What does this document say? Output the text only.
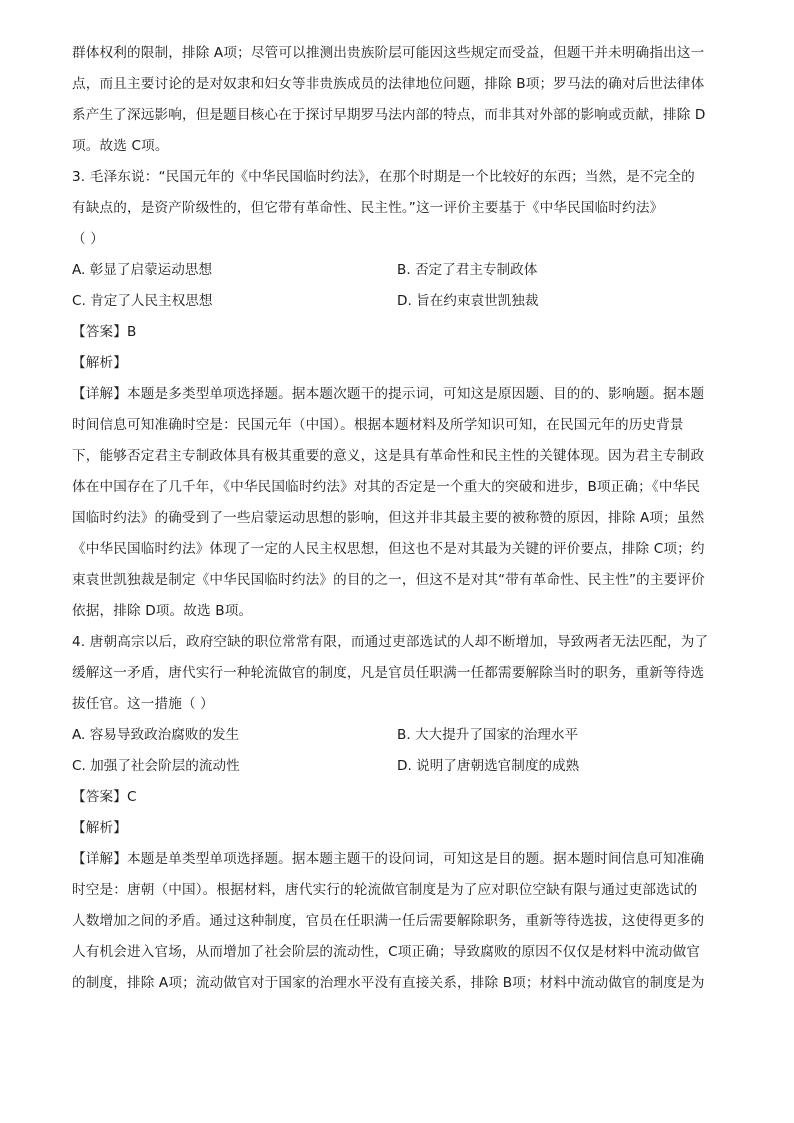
群体权利的限制，排除 A项；尽管可以推测出贵族阶层可能因这些规定而受益，但题干并未明确指出这一
点，而且主要讨论的是对奴隶和妇女等非贵族成员的法律地位问题，排除 B项；罗马法的确对后世法律体
系产生了深远影响，但是题目核心在于探讨早期罗马法内部的特点，而非其对外部的影响或贡献，排除 D
项。故选 C项。
3. 毛泽东说：“民国元年的《中华民国临时约法》，在那个时期是一个比较好的东西；当然，是不完全的
有缺点的，是资产阶级性的，但它带有革命性、民主性。”这一评价主要基于《中华民国临时约法》
（ ）
A. 彰显了启蒙运动思想	B. 否定了君主专制政体
C. 肯定了人民主权思想	D. 旨在约束袁世凯独裁
【答案】B
【解析】
【详解】本题是多类型单项选择题。据本题次题干的提示词，可知这是原因题、目的的、影响题。据本题
时间信息可知准确时空是：民国元年（中国）。根据本题材料及所学知识可知，在民国元年的历史背景
下，能够否定君主专制政体具有极其重要的意义，这是具有革命性和民主性的关键体现。因为君主专制政
体在中国存在了几千年，《中华民国临时约法》对其的否定是一个重大的突破和进步，B项正确；《中华民
国临时约法》的确受到了一些启蒙运动思想的影响，但这并非其最主要的被称赞的原因，排除 A项；虽然
《中华民国临时约法》体现了一定的人民主权思想，但这也不是对其最为关键的评价要点，排除 C项；约
束袁世凯独裁是制定《中华民国临时约法》的目的之一，但这不是对其“带有革命性、民主性”的主要评价
依据，排除 D项。故选 B项。
4. 唐朝高宗以后，政府空缺的职位常常有限，而通过吏部选试的人却不断增加，导致两者无法匹配，为了
缓解这一矛盾，唐代实行一种轮流做官的制度，凡是官员任职满一任都需要解除当时的职务，重新等待选
拔任官。这一措施（ ）
A. 容易导致政治腐败的发生	B. 大大提升了国家的治理水平
C. 加强了社会阶层的流动性	D. 说明了唐朝选官制度的成熟
【答案】C
【解析】
【详解】本题是单类型单项选择题。据本题主题干的设问词，可知这是目的题。据本题时间信息可知准确
时空是：唐朝（中国）。根据材料，唐代实行的轮流做官制度是为了应对职位空缺有限与通过吏部选试的
人数增加之间的矛盾。通过这种制度，官员在任职满一任后需要解除职务，重新等待选拔，这使得更多的
人有机会进入官场，从而增加了社会阶层的流动性，C项正确；导致腐败的原因不仅仅是材料中流动做官
的制度，排除 A项；流动做官对于国家的治理水平没有直接关系，排除 B项；材料中流动做官的制度是为
